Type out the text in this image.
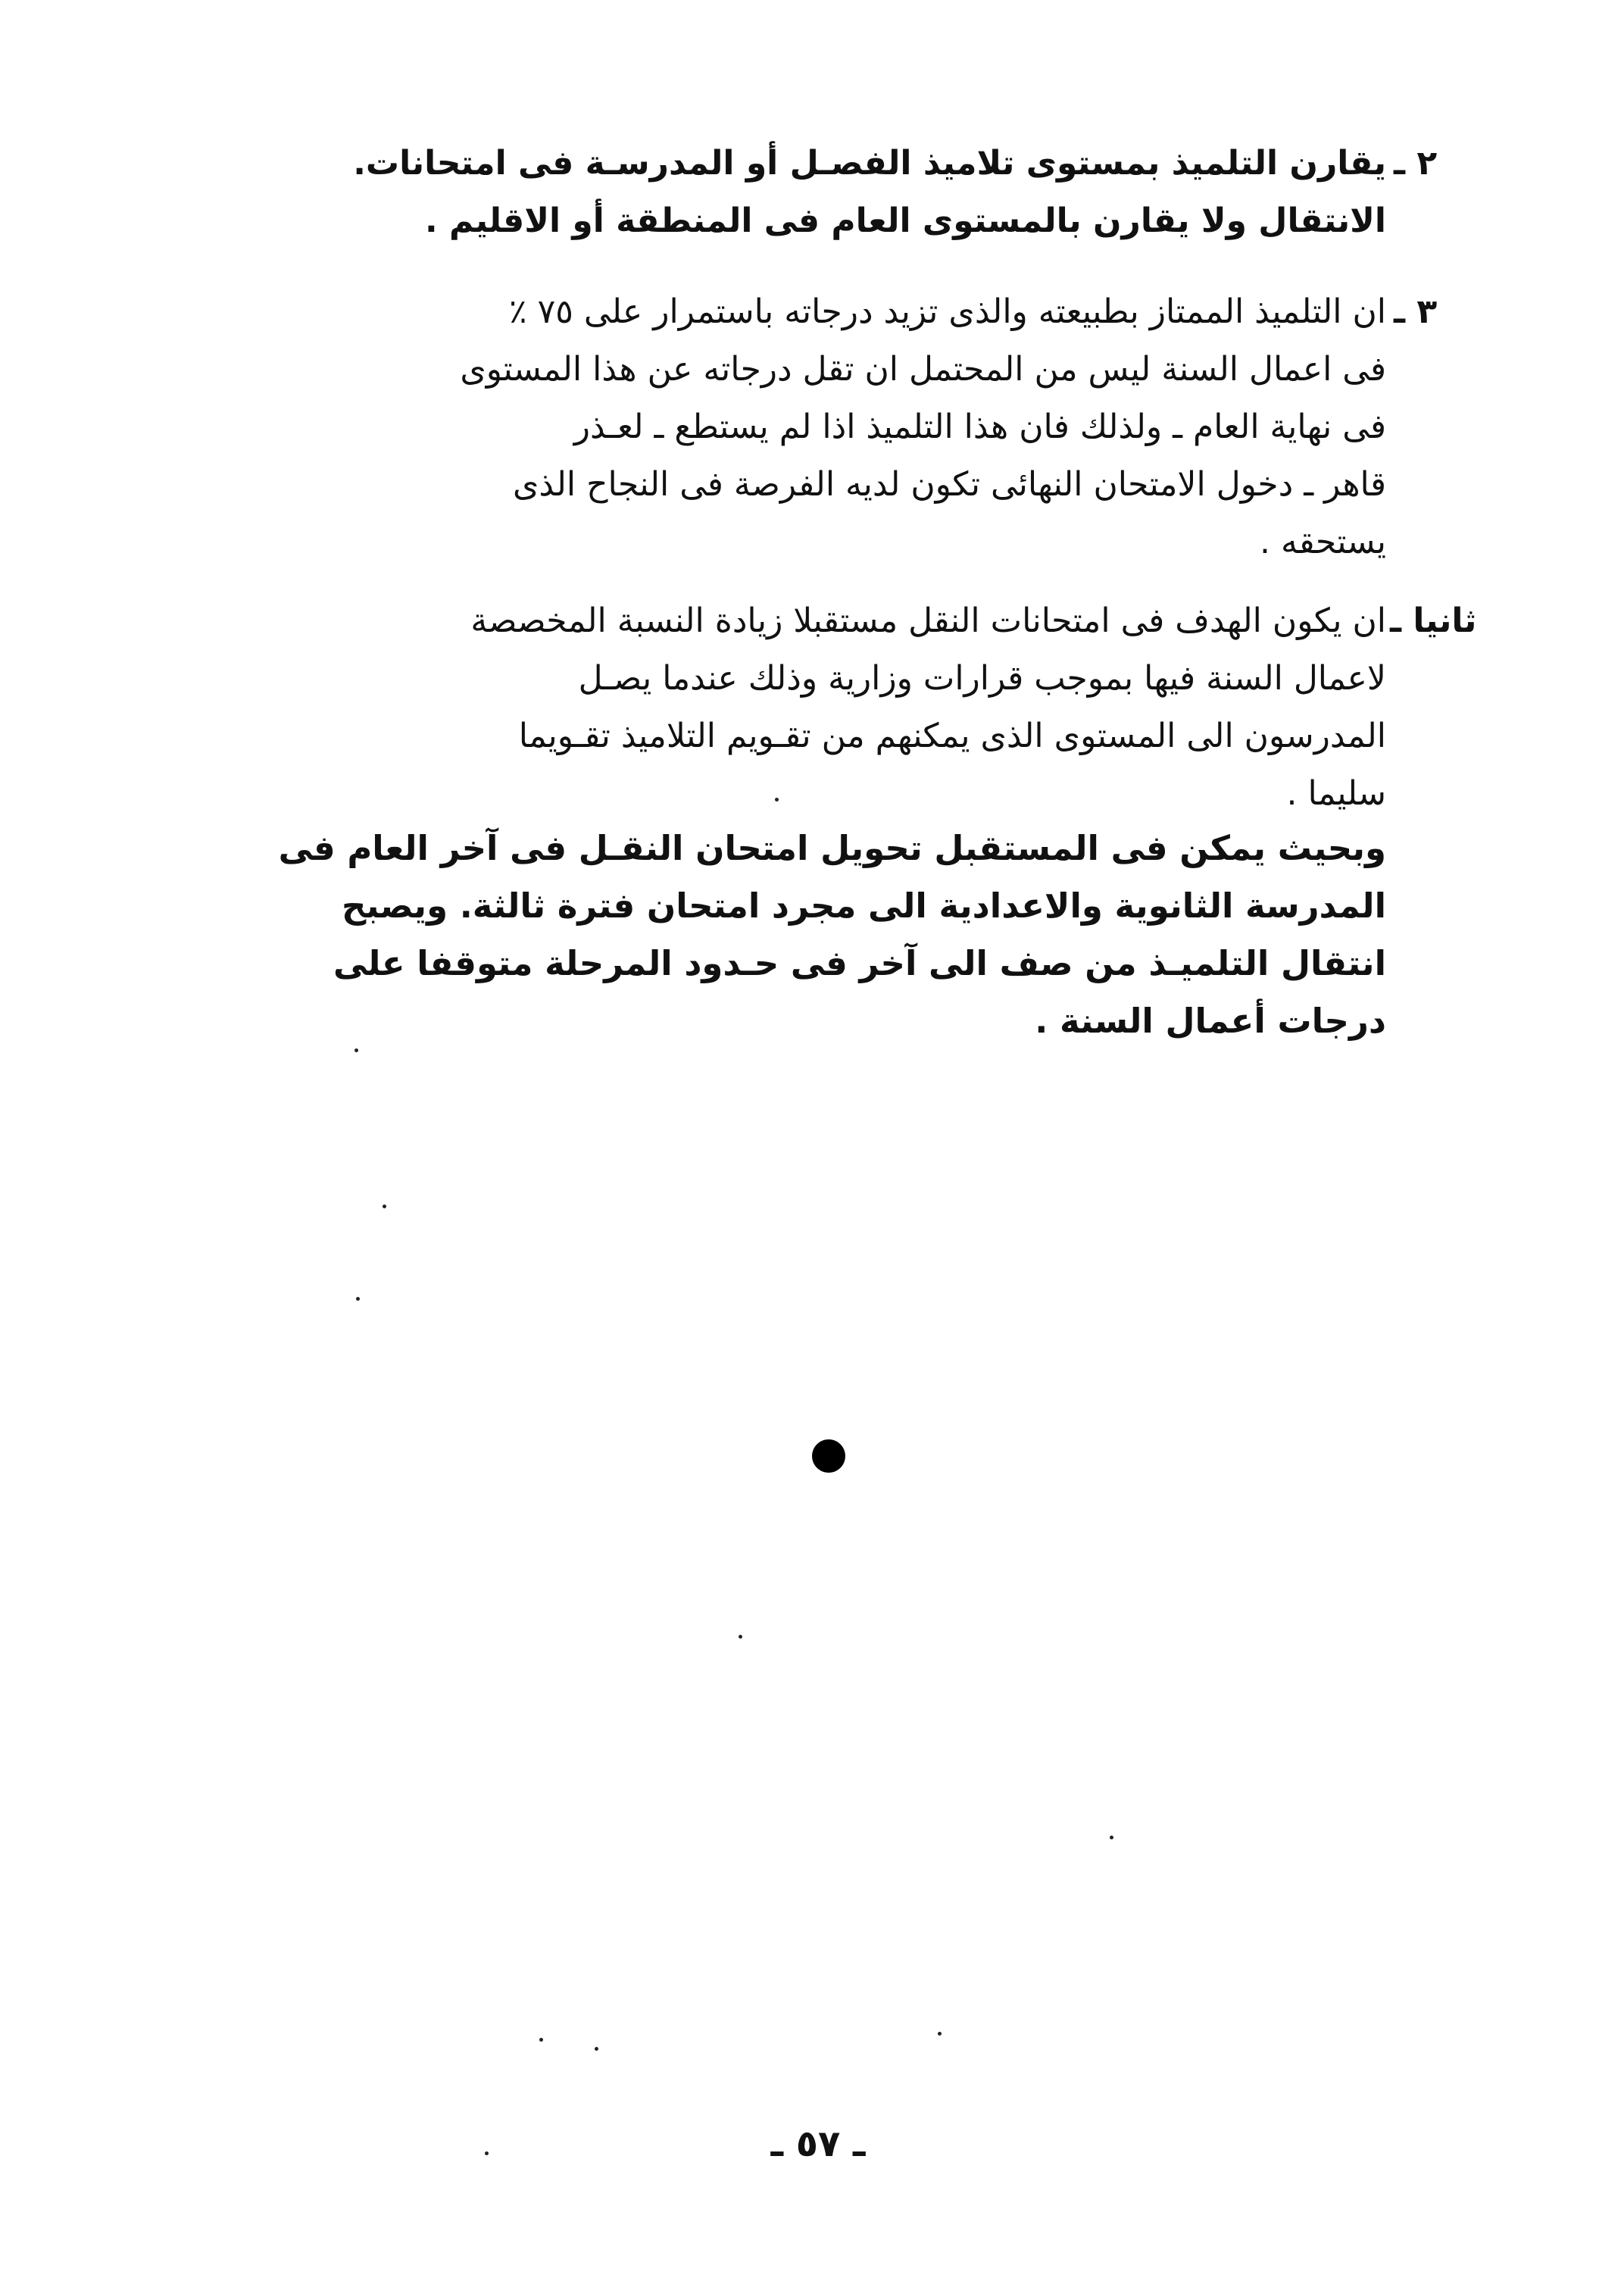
٢ ـ
يقارن التلميذ بمستوى تلاميذ الفصـل أو المدرسـة فى امتحانات.
الانتقال ولا يقارن بالمستوى العام فى المنطقة أو الاقليم .
٣ ـ
ان التلميذ الممتاز بطبيعته والذى تزيد درجاته باستمرار على ٧٥ ٪
فى اعمال السنة ليس من المحتمل ان تقل درجاته عن هذا المستوى
فى نهاية العام ـ ولذلك فان هذا التلميذ اذا لم يستطع ـ لعـذر
قاهر ـ دخول الامتحان النهائى تكون لديه الفرصة فى النجاح الذى
يستحقه .
ثانيا ـ
ان يكون الهدف فى امتحانات النقل مستقبلا زيادة النسبة المخصصة
لاعمال السنة فيها بموجب قرارات وزارية وذلك عندما يصـل
المدرسون الى المستوى الذى يمكنهم من تقـويم التلاميذ تقـويما
سليما .
وبحيث يمكن فى المستقبل تحويل امتحان النقـل فى آخر العام فى
المدرسة الثانوية والاعدادية الى مجرد امتحان فترة ثالثة. ويصبح
انتقال التلميـذ من صف الى آخر فى حـدود المرحلة متوقفا على
درجات أعمال السنة .
ـ ٥٧ ـ
